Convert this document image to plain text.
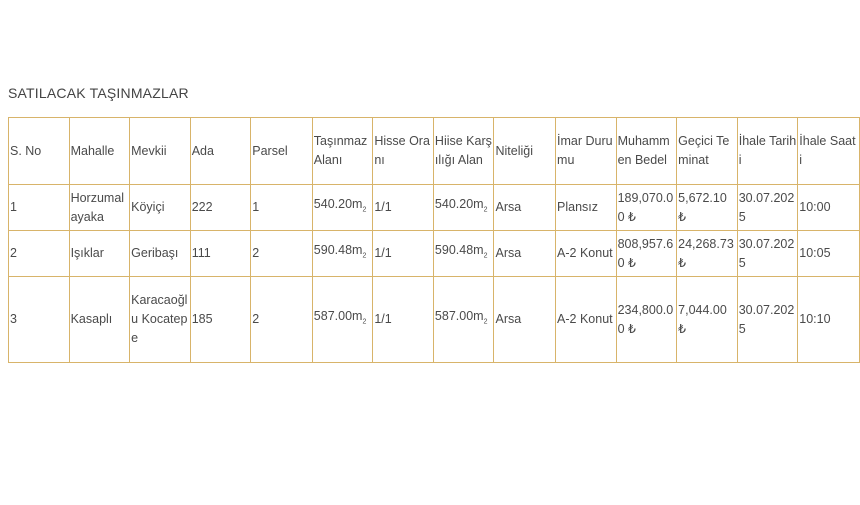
SATILACAK TAŞINMAZLAR
S. No	Mahalle	Mevkii	Ada	Parsel	Taşınmaz Alanı	Hisse Oranı	Hiise Karşılığı Alan	Niteliği	İmar Durumu	Muhammen Bedel	Geçici Teminat	İhale Tarihi	İhale Saati
1	Horzumalayaka	Köyiçi	222	1	$540.20m_2$	1/1	$540.20m_2$	Arsa	Plansız	189,070.00 ₺	5,672.10 ₺	30.07.2025	10:00
2	Işıklar	Geribaşı	111	2	$590.48m_2$	1/1	$590.48m_2$	Arsa	A-2 Konut	808,957.60 ₺	24,268.73 ₺	30.07.2025	10:05
3	Kasaplı	Karacaoğlu Kocatepe	185	2	$587.00m_2$	1/1	$587.00m_2$	Arsa	A-2 Konut	234,800.00 ₺	7,044.00 ₺	30.07.2025	10:10
